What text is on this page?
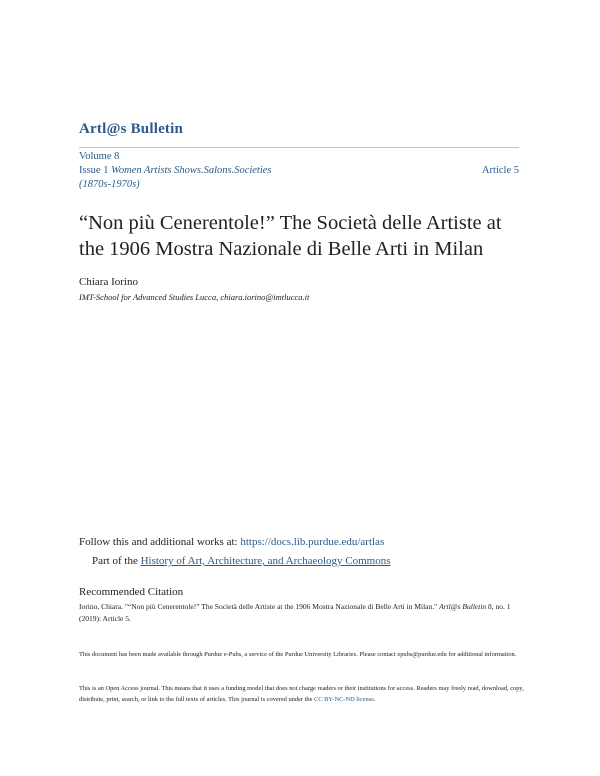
Artl@s Bulletin
Volume 8
Issue 1 Women Artists Shows.Salons.Societies
(1870s-1970s)
Article 5
“Non più Cenerentole!” The Società delle Artiste at
the 1906 Mostra Nazionale di Belle Arti in Milan
Chiara Iorino
IMT-School for Advanced Studies Lucca, chiara.iorino@imtlucca.it
Follow this and additional works at: https://docs.lib.purdue.edu/artlas
Part of the History of Art, Architecture, and Archaeology Commons
Recommended Citation
Iorino, Chiara. "“Non più Cenerentole!” The Società delle Artiste at the 1906 Mostra Nazionale di Belle Arti in Milan." Artl@s Bulletin 8, no. 1 (2019): Article 5.
This document has been made available through Purdue e-Pubs, a service of the Purdue University Libraries. Please contact epubs@purdue.edu for additional information.
This is an Open Access journal. This means that it uses a funding model that does not charge readers or their institutions for access. Readers may freely read, download, copy, distribute, print, search, or link to the full texts of articles. This journal is covered under the CC BY-NC-ND license.
